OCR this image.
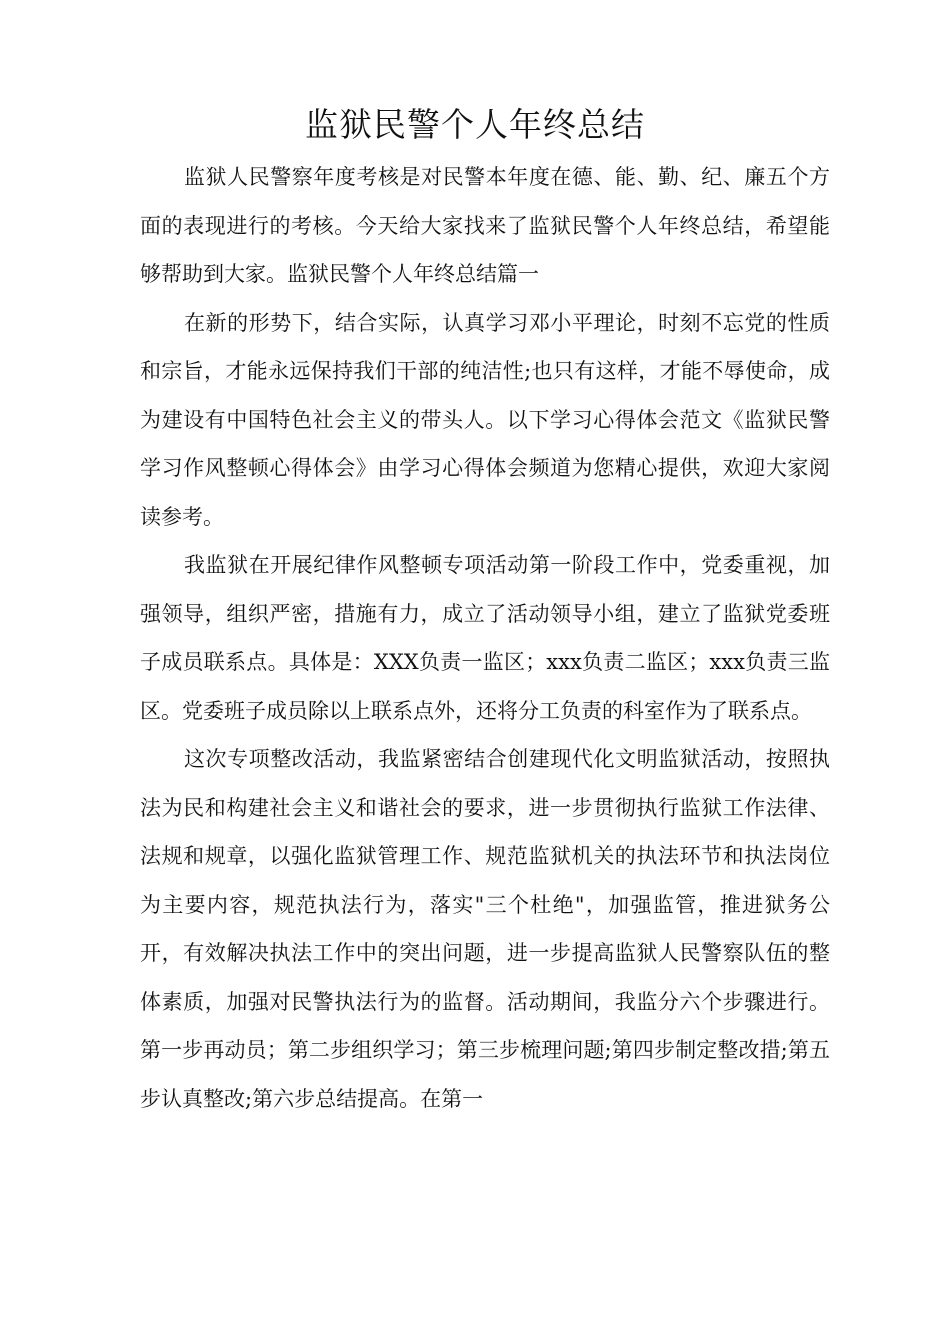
监狱民警个人年终总结

监狱人民警察年度考核是对民警本年度在德、能、勤、纪、廉五个方面的表现进行的考核。今天给大家找来了监狱民警个人年终总结，希望能够帮助到大家。监狱民警个人年终总结篇一

在新的形势下，结合实际，认真学习邓小平理论，时刻不忘党的性质和宗旨，才能永远保持我们干部的纯洁性;也只有这样，才能不辱使命，成为建设有中国特色社会主义的带头人。以下学习心得体会范文《监狱民警学习作风整顿心得体会》由学习心得体会频道为您精心提供，欢迎大家阅读参考。

我监狱在开展纪律作风整顿专项活动第一阶段工作中，党委重视，加强领导，组织严密，措施有力，成立了活动领导小组，建立了监狱党委班子成员联系点。具体是：XXX负责一监区；xxx负责二监区；xxx负责三监区。党委班子成员除以上联系点外，还将分工负责的科室作为了联系点。

这次专项整改活动，我监紧密结合创建现代化文明监狱活动，按照执法为民和构建社会主义和谐社会的要求，进一步贯彻执行监狱工作法律、法规和规章，以强化监狱管理工作、规范监狱机关的执法环节和执法岗位为主要内容，规范执法行为，落实"三个杜绝"，加强监管，推进狱务公开，有效解决执法工作中的突出问题，进一步提高监狱人民警察队伍的整体素质，加强对民警执法行为的监督。活动期间，我监分六个步骤进行。第一步再动员；第二步组织学习；第三步梳理问题;第四步制定整改措;第五步认真整改;第六步总结提高。在第一
